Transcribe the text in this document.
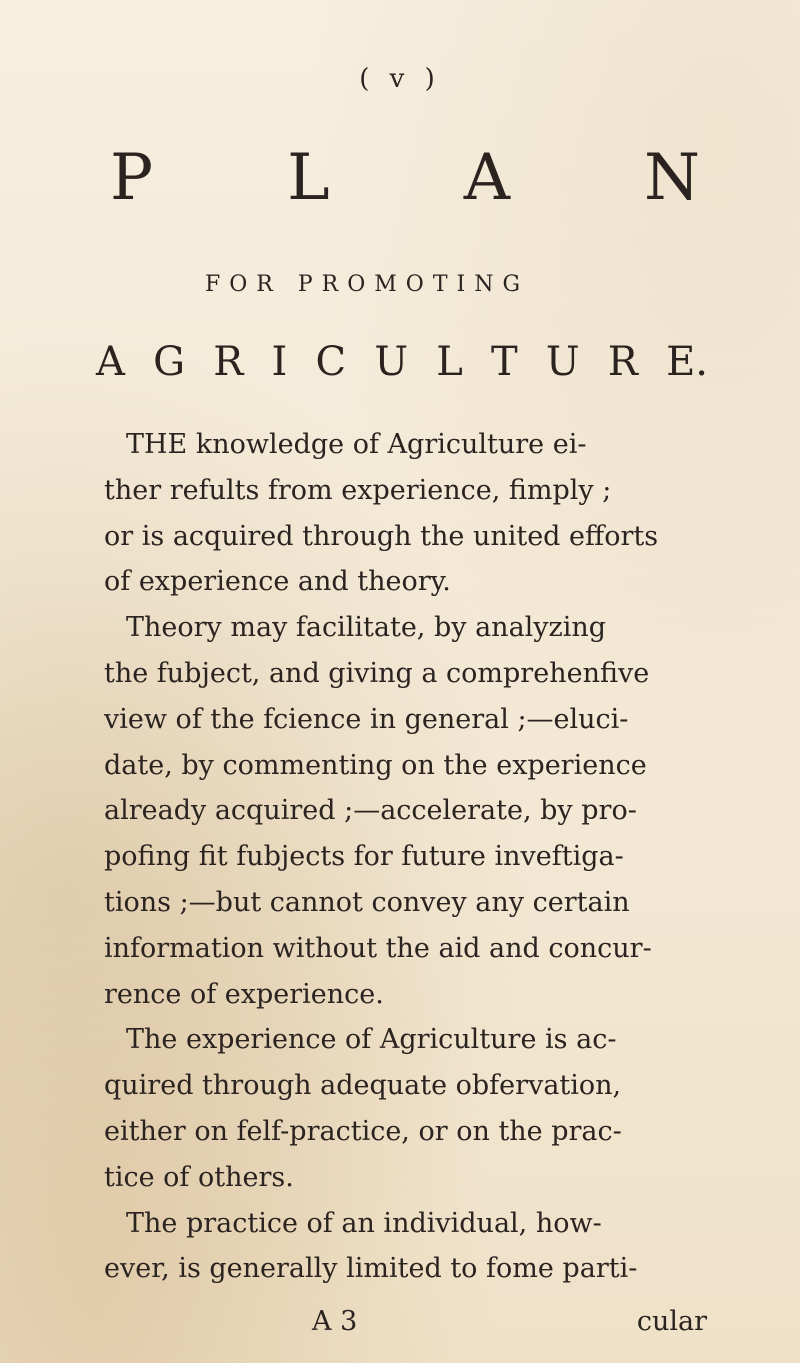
( v )
P L A N
FOR PROMOTING
A G R I C U L T U R E.
THE knowledge of Agriculture ei-
ther refults from experience, fimply ;
or is acquired through the united efforts
of experience and theory.
Theory may facilitate, by analyzing
the fubject, and giving a comprehenfive
view of the fcience in general ;—eluci-
date, by commenting on the experience
already acquired ;—accelerate, by pro-
pofing fit fubjects for future inveftiga-
tions ;—but cannot convey any certain
information without the aid and concur-
rence of experience.
The experience of Agriculture is ac-
quired through adequate obfervation,
either on felf-practice, or on the prac-
tice of others.
The practice of an individual, how-
ever, is generally limited to fome parti-
A 3	cular
